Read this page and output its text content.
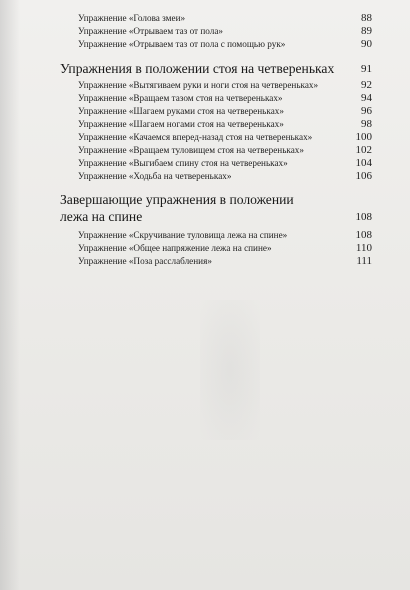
Упражнение «Голова змеи»	88
Упражнение «Отрываем таз от пола»	89
Упражнение «Отрываем таз от пола с помощью рук»	90
Упражнения в положении стоя на четвереньках 91
Упражнение «Вытягиваем руки и ноги стоя на четвереньках»	92
Упражнение «Вращаем тазом стоя на четвереньках»	94
Упражнение «Шагаем руками стоя на четвереньках»	96
Упражнение «Шагаем ногами стоя на четвереньках»	98
Упражнение «Качаемся вперед-назад стоя на четвереньках»	100
Упражнение «Вращаем туловищем стоя на четвереньках»	102
Упражнение «Выгибаем спину стоя на четвереньках»	104
Упражнение «Ходьба на четвереньках»	106
Завершающие упражнения в положении
лежа на спине	108
Упражнение «Скручивание туловища лежа на спине»	108
Упражнение «Общее напряжение лежа на спине»	110
Упражнение «Поза расслабления»	111
